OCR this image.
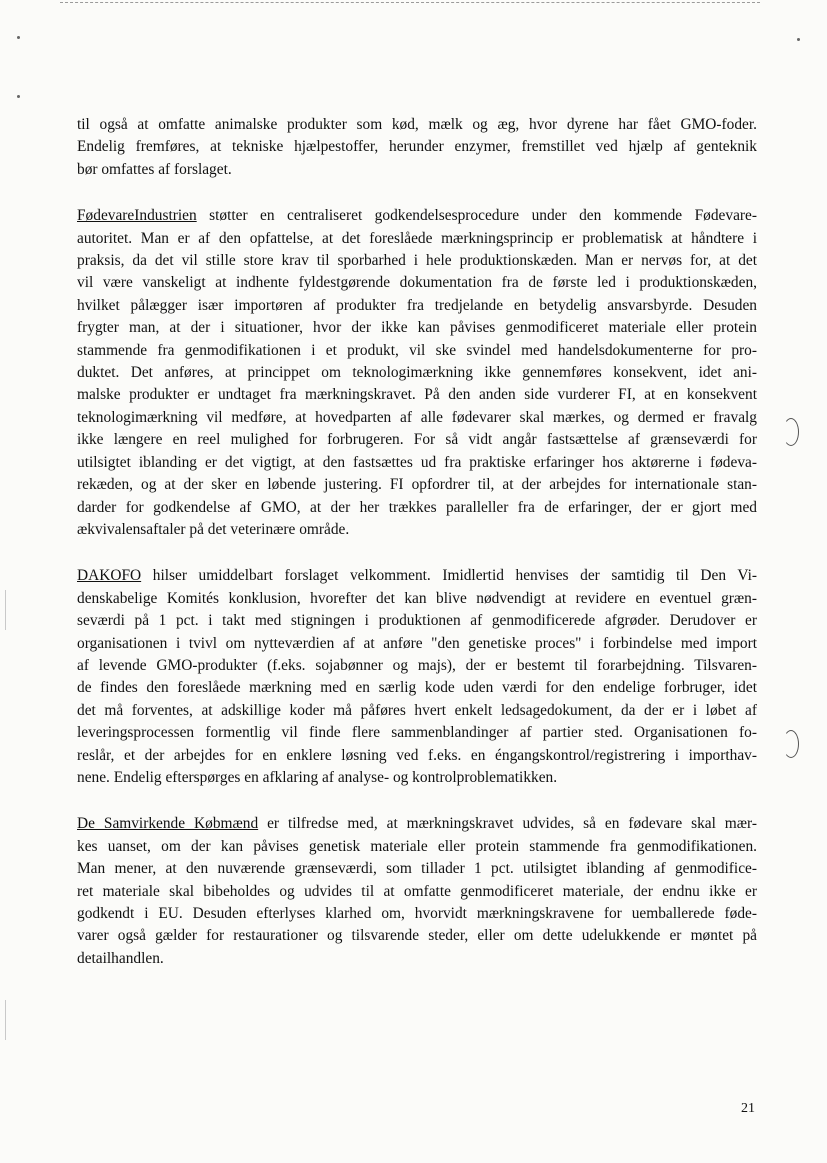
til også at omfatte animalske produkter som kød, mælk og æg, hvor dyrene har fået GMO-foder.
Endelig fremføres, at tekniske hjælpestoffer, herunder enzymer, fremstillet ved hjælp af genteknik
bør omfattes af forslaget.

FødevareIndustrien støtter en centraliseret godkendelsesprocedure under den kommende Fødevare-
autoritet. Man er af den opfattelse, at det foreslåede mærkningsprincip er problematisk at håndtere i
praksis, da det vil stille store krav til sporbarhed i hele produktionskæden. Man er nervøs for, at det
vil være vanskeligt at indhente fyldestgørende dokumentation fra de første led i produktionskæden,
hvilket pålægger især importøren af produkter fra tredjelande en betydelig ansvarsbyrde. Desuden
frygter man, at der i situationer, hvor der ikke kan påvises genmodificeret materiale eller protein
stammende fra genmodifikationen i et produkt, vil ske svindel med handelsdokumenterne for pro-
duktet. Det anføres, at princippet om teknologimærkning ikke gennemføres konsekvent, idet ani-
malske produkter er undtaget fra mærkningskravet. På den anden side vurderer FI, at en konsekvent
teknologimærkning vil medføre, at hovedparten af alle fødevarer skal mærkes, og dermed er fravalg
ikke længere en reel mulighed for forbrugeren. For så vidt angår fastsættelse af grænseværdi for
utilsigtet iblanding er det vigtigt, at den fastsættes ud fra praktiske erfaringer hos aktørerne i fødeva-
rekæden, og at der sker en løbende justering. FI opfordrer til, at der arbejdes for internationale stan-
darder for godkendelse af GMO, at der her trækkes paralleller fra de erfaringer, der er gjort med
ækvivalensaftaler på det veterinære område.

DAKOFO hilser umiddelbart forslaget velkomment. Imidlertid henvises der samtidig til Den Vi-
denskabelige Komités konklusion, hvorefter det kan blive nødvendigt at revidere en eventuel græn-
seværdi på 1 pct. i takt med stigningen i produktionen af genmodificerede afgrøder. Derudover er
organisationen i tvivl om nytteværdien af at anføre "den genetiske proces" i forbindelse med import
af levende GMO-produkter (f.eks. sojabønner og majs), der er bestemt til forarbejdning. Tilsvaren-
de findes den foreslåede mærkning med en særlig kode uden værdi for den endelige forbruger, idet
det må forventes, at adskillige koder må påføres hvert enkelt ledsagedokument, da der er i løbet af
leveringsprocessen formentlig vil finde flere sammenblandinger af partier sted. Organisationen fo-
reslår, et der arbejdes for en enklere løsning ved f.eks. en éngangskontrol/registrering i importhav-
nene. Endelig efterspørges en afklaring af analyse- og kontrolproblematikken.

De Samvirkende Købmænd er tilfredse med, at mærkningskravet udvides, så en fødevare skal mær-
kes uanset, om der kan påvises genetisk materiale eller protein stammende fra genmodifikationen.
Man mener, at den nuværende grænseværdi, som tillader 1 pct. utilsigtet iblanding af genmodifice-
ret materiale skal bibeholdes og udvides til at omfatte genmodificeret materiale, der endnu ikke er
godkendt i EU. Desuden efterlyses klarhed om, hvorvidt mærkningskravene for uemballerede føde-
varer også gælder for restaurationer og tilsvarende steder, eller om dette udelukkende er møntet på
detailhandlen.

21
